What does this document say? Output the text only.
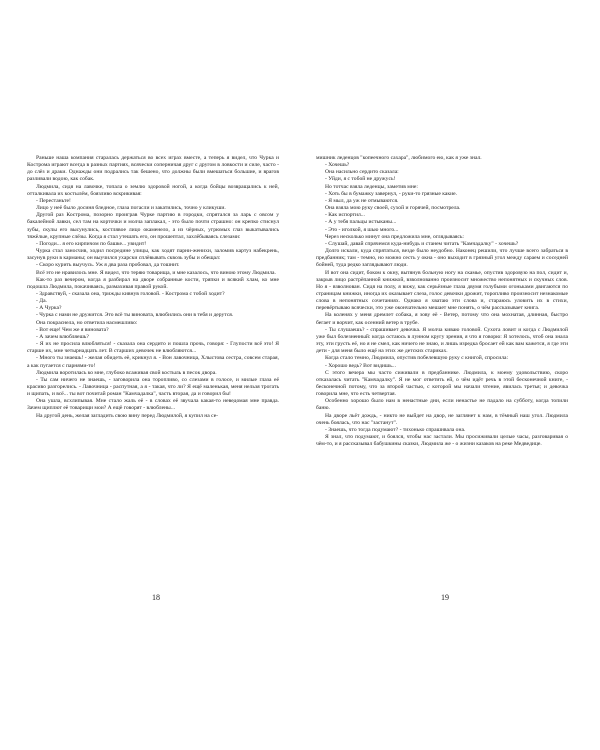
Раньше наша компания старалась держаться во всех играх вместе, а теперь я видел, что Чурка и Кострома играют всегда в разных партиях, всячески соперничая друг с другом в ловкости и силе, часто - до слёз и драки. Однажды они подрались так бешено, что должны были вмешаться большие, и врагов разливали водою, как собак.

Людмила, сидя на лавочке, топала о землю здоровой ногой, а когда бойцы возвращались к ней, отталкивала их костылём, боязливо вскрикивая:

- Перестаньте!

Лицо у неё было досиня бледное, глаза погасли и закатились, точно у кликуши.

Другой раз Кострома, позорно проиграв Чурке партию в городки, спрятался за ларь с овсом у бакалейной лавки, сел там на корточки и молча заплакал, - это было почти страшно: он крепко стиснул зубы, скулы его высунулись, костлявое лицо окаменело, а из чёрных, угрюмых глаз выкатывались тяжёлые, крупные слёзы. Когда я стал утешать его, он прошептал, захлёбываясь слезами:

- Погоди... я его кирпичом по башке... увидит!

Чурка стал заносчив, ходил посредине улицы, как ходят парни-женихи, заломив картуз набекрень, засунув руки в карманы; он выучился ухарски сплёвывать сквозь зубы и обещал:

- Скоро курить выучусь. Уж я два раза пробовал, да тошнит.

Всё это не нравилось мне. Я видел, что теряю товарища, и мне казалось, что виною этому Людмила.

Как-то раз вечером, когда я разбирал на дворе собранные кости, тряпки и всякий хлам, ко мне подошла Людмила, покачиваясь, размахивая правой рукой.

- Здравствуй, - сказала она, трижды кивнув головой. - Кострома с тобой ходит?

- Да.

- А Чурка?

- Чурка с нами не дружится. Это всё ты виновата, влюбились они в тебя и дерутся.

Она покраснела, но ответила насмешливо:

- Вот еще! Чем же я виновата?

- А зачем влюбляешь?

- Я их не просила влюбляться! - сказала она сердито и пошла прочь, говоря: - Глупости всё это! Я старше их, мне четырнадцать лет. В старших девочек не влюбляются...

- Много ты знаешь! - желая обидеть её, крикнул я. - Вон лавочница, Хлыстова сестра, совсем старая, а как пугается с парнями-то!

Людмила воротилась ко мне, глубоко всаживая свой костыль в песок двора.

- Ты сам ничего не знаешь, - заговорила она торопливо, со слезами в голосе, и милые глаза её красиво разгорелись. - Лавочница - распутная, а я - такая, что ли? Я ещё маленькая, меня нельзя трогать и щипать, и всё... ты вот почитай роман "Камчадалка", часть вторая, да и говорил бы!

Она ушла, всхлипывая. Мне стало жаль её - в словах её звучала какая-то неведомая мне правда. Зачем щиплют её товарищи мои? А ещё говорят - влюблены...

На другой день, желая загладить свою вину перед Людмилой, я купил на се-

18

мишник леденцов "копеечного сахара", любимого ею, как я уже знал.

- Хочешь?

Она насильно сердито сказала:

- Уйди, я с тобой не дружусь!

Но тотчас взяла леденцы, заметив мне:

- Хоть бы в бумажку завернул, - руки-то грязные какие.

- Я мыл, да уж не отмываются.

Она взяла мою руку своей, сухой и горячей, посмотрела.

- Как испортил...

- А у тебя пальцы истыканы...

- Это - иголкой, я шью много...

Через несколько минут она предложила мне, оглядываясь:

- Слушай, давай спрячемся куда-нибудь и станем читать "Камчадалку" - хочешь?

Долго искали, куда спрятаться, везде было неудобно. Наконец решили, что лучше всего забраться в предбанник; там - темно, но можно сесть у окна - оно выходит в грязный угол между сараем и соседней бойней, туда редко заглядывают люди.

И вот она сидит, боком к окну, вытянув больную ногу на скамье, опустив здоровую на пол, сидит и, закрыв лицо растрёпанной книжкой, взволнованно произносит множество непонятных и скучных слов. Но я - взволнован. Сидя на полу, я вижу, как серьёзные глаза двумя голубыми огоньками двигаются по страницам книжки, иногда их оказывает слеза, голос девочки дрожит, торопливо произносит незнакомые слова в непонятных сочетаниях. Однако я хватаю эти слова и, стараюсь уловить их в стихи, перевёртываю всячески, это уже окончательно мешает мне понять, о чём рассказывает книга.

На коленях у меня дремлет собака, я зову её - Ветер, потому что она мохнатая, длинная, быстро бегает и ворчит, как осенний ветер в трубе.

- Ты слушаешь? - спрашивает девочка. Я молча киваю головой. Сухота ловит и когда с Людмилой уже был болезненный: когда остаюсь в лунном кругу зрения, я что я говорю: Я хотелось, чтоб она знала эту, эти грусть её, но я не смел, как ничего не знаю, и лишь изредка бросает ей как вам кажется, я где эти дети - для меня было ещё на этих же детских стариках.

Когда стало темно, Людмила, опустив побелевшую руку с книгой, спросила:

- Хорошо ведь? Вот видишь...

С этого вечера мы часто сиживали в предбаннике. Людмила, к моему удовольствию, скоро отказалась читать "Камчадалку". Я не мог ответить ей, о чём идёт речь в этой бесконечной книге, - бесконечной потому, что за второй частью, с которой мы начали чтение, явилась третья; и девочка говорила мне, что есть четвертая.

Особенно хорошо было нам в ненастные дни, если ненастье не падало на субботу, когда топили баню.

На дворе льёт дождь, - никто не выйдет на двор, не заглянет к нам, в тёмный наш угол. Людмила очень боялась, что нас "застанут".

- Знаешь, что тогда подумают? - тихонько спрашивала она.

Я знал, что подумают, и боялся, чтобы нас застали. Мы просиживали целые часы, разговаривая о чём-то, и я рассказывал бабушкины сказки, Людмила же - о жизни казаков на реке Медведице.

19
